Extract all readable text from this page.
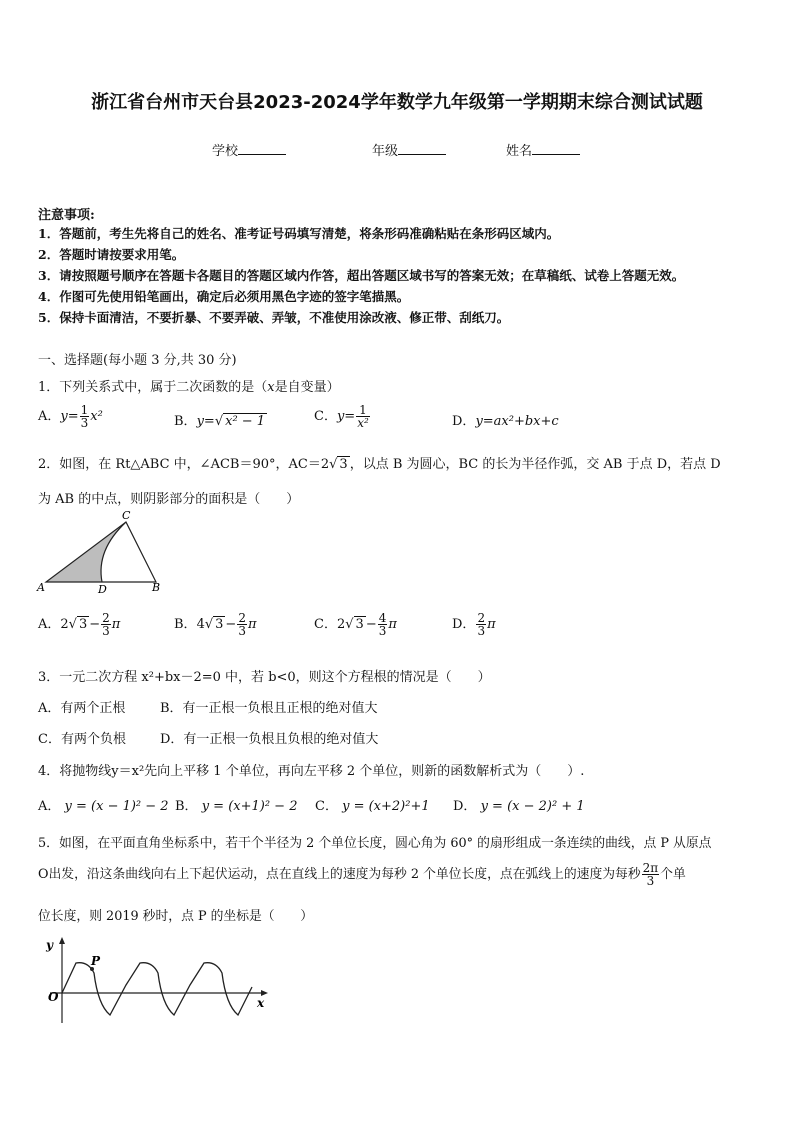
浙江省台州市天台县2023-2024学年数学九年级第一学期期末综合测试试题
学校	年级	姓名
注意事项:
1．答题前，考生先将自己的姓名、准考证号码填写清楚，将条形码准确粘贴在条形码区域内。
2．答题时请按要求用笔。
3．请按照题号顺序在答题卡各题目的答题区域内作答，超出答题区域书写的答案无效；在草稿纸、试卷上答题无效。
4．作图可先使用铅笔画出，确定后必须用黑色字迹的签字笔描黑。
5．保持卡面清洁，不要折暴、不要弄破、弄皱，不准使用涂改液、修正带、刮纸刀。
一、选择题(每小题 3 分,共 30 分)
1．下列关系式中，属于二次函数的是（x是自变量）
A．$y= \frac{1}{3} x^2$	B．y=√ x² − 1	C．$y= \frac{1}{\text{x²}}$	D．y=ax²+bx+c
2．如图，在 Rt△ABC 中，∠ACB＝90°，AC＝2√ 3 ，以点 B 为圆心，BC 的长为半径作弧，交 AB 于点 D，若点 D
为 AB 的中点，则阴影部分的面积是（　　）
A	B
C
D
A．2√ $3 - \frac{2}{3}$ π	B．4√ $3 - \frac{2}{3}$ π	C．2√ $3 - \frac{4}{3}$ π	D． $\frac{2}{3}$ π
3．一元二次方程 x²+bx－2=0 中，若 b<0，则这个方程根的情况是（　　）
A．有两个正根	B．有一正根一负根且正根的绝对值大
C．有两个负根	D．有一正根一负根且负根的绝对值大
4．将抛物线y＝x²先向上平移 1 个单位，再向左平移 2 个单位，则新的函数解析式为（　　）.
A． y = (x − 1)² − 2 B． y = (x+1)² − 2 C． y = (x+2)²+1 D． y = (x − 2)² + 1
5．如图，在平面直角坐标系中，若干个半径为 2 个单位长度，圆心角为 60° 的扇形组成一条连续的曲线，点 P 从原点
O出发，沿这条曲线向右上下起伏运动，点在直线上的速度为每秒 2 个单位长度，点在弧线上的速度为每秒 $\frac{2\pi}{3}$ 个单
位长度，则 2019 秒时，点 P 的坐标是（　　）
y
x
O
P
